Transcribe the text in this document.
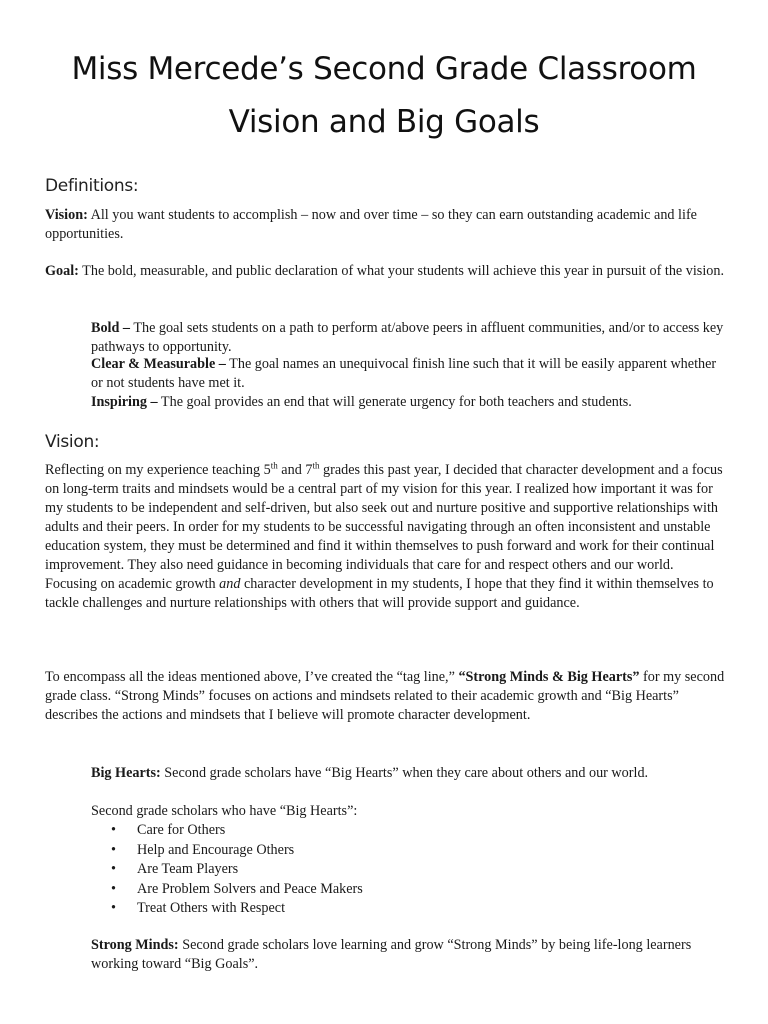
Miss Mercede’s Second Grade Classroom
Vision and Big Goals
Definitions:

Vision: All you want students to accomplish – now and over time – so they can earn outstanding academic and life opportunities.

Goal: The bold, measurable, and public declaration of what your students will achieve this year in pursuit of the vision.

Bold – The goal sets students on a path to perform at/above peers in affluent communities, and/or to access key pathways to opportunity.

Clear & Measurable – The goal names an unequivocal finish line such that it will be easily apparent whether or not students have met it.

Inspiring – The goal provides an end that will generate urgency for both teachers and students.

Vision:

Reflecting on my experience teaching 5th and 7th grades this past year, I decided that character development and a focus on long-term traits and mindsets would be a central part of my vision for this year. I realized how important it was for my students to be independent and self-driven, but also seek out and nurture positive and supportive relationships with adults and their peers. In order for my students to be successful navigating through an often inconsistent and unstable education system, they must be determined and find it within themselves to push forward and work for their continual improvement. They also need guidance in becoming individuals that care for and respect others and our world. Focusing on academic growth and character development in my students, I hope that they find it within themselves to tackle challenges and nurture relationships with others that will provide support and guidance.

To encompass all the ideas mentioned above, I’ve created the “tag line,” “Strong Minds & Big Hearts” for my second grade class. “Strong Minds” focuses on actions and mindsets related to their academic growth and “Big Hearts” describes the actions and mindsets that I believe will promote character development.

Big Hearts: Second grade scholars have “Big Hearts” when they care about others and our world.

Second grade scholars who have “Big Hearts”:

• Care for Others
• Help and Encourage Others
• Are Team Players
• Are Problem Solvers and Peace Makers
• Treat Others with Respect

Strong Minds: Second grade scholars love learning and grow “Strong Minds” by being life-long learners working toward “Big Goals”.
